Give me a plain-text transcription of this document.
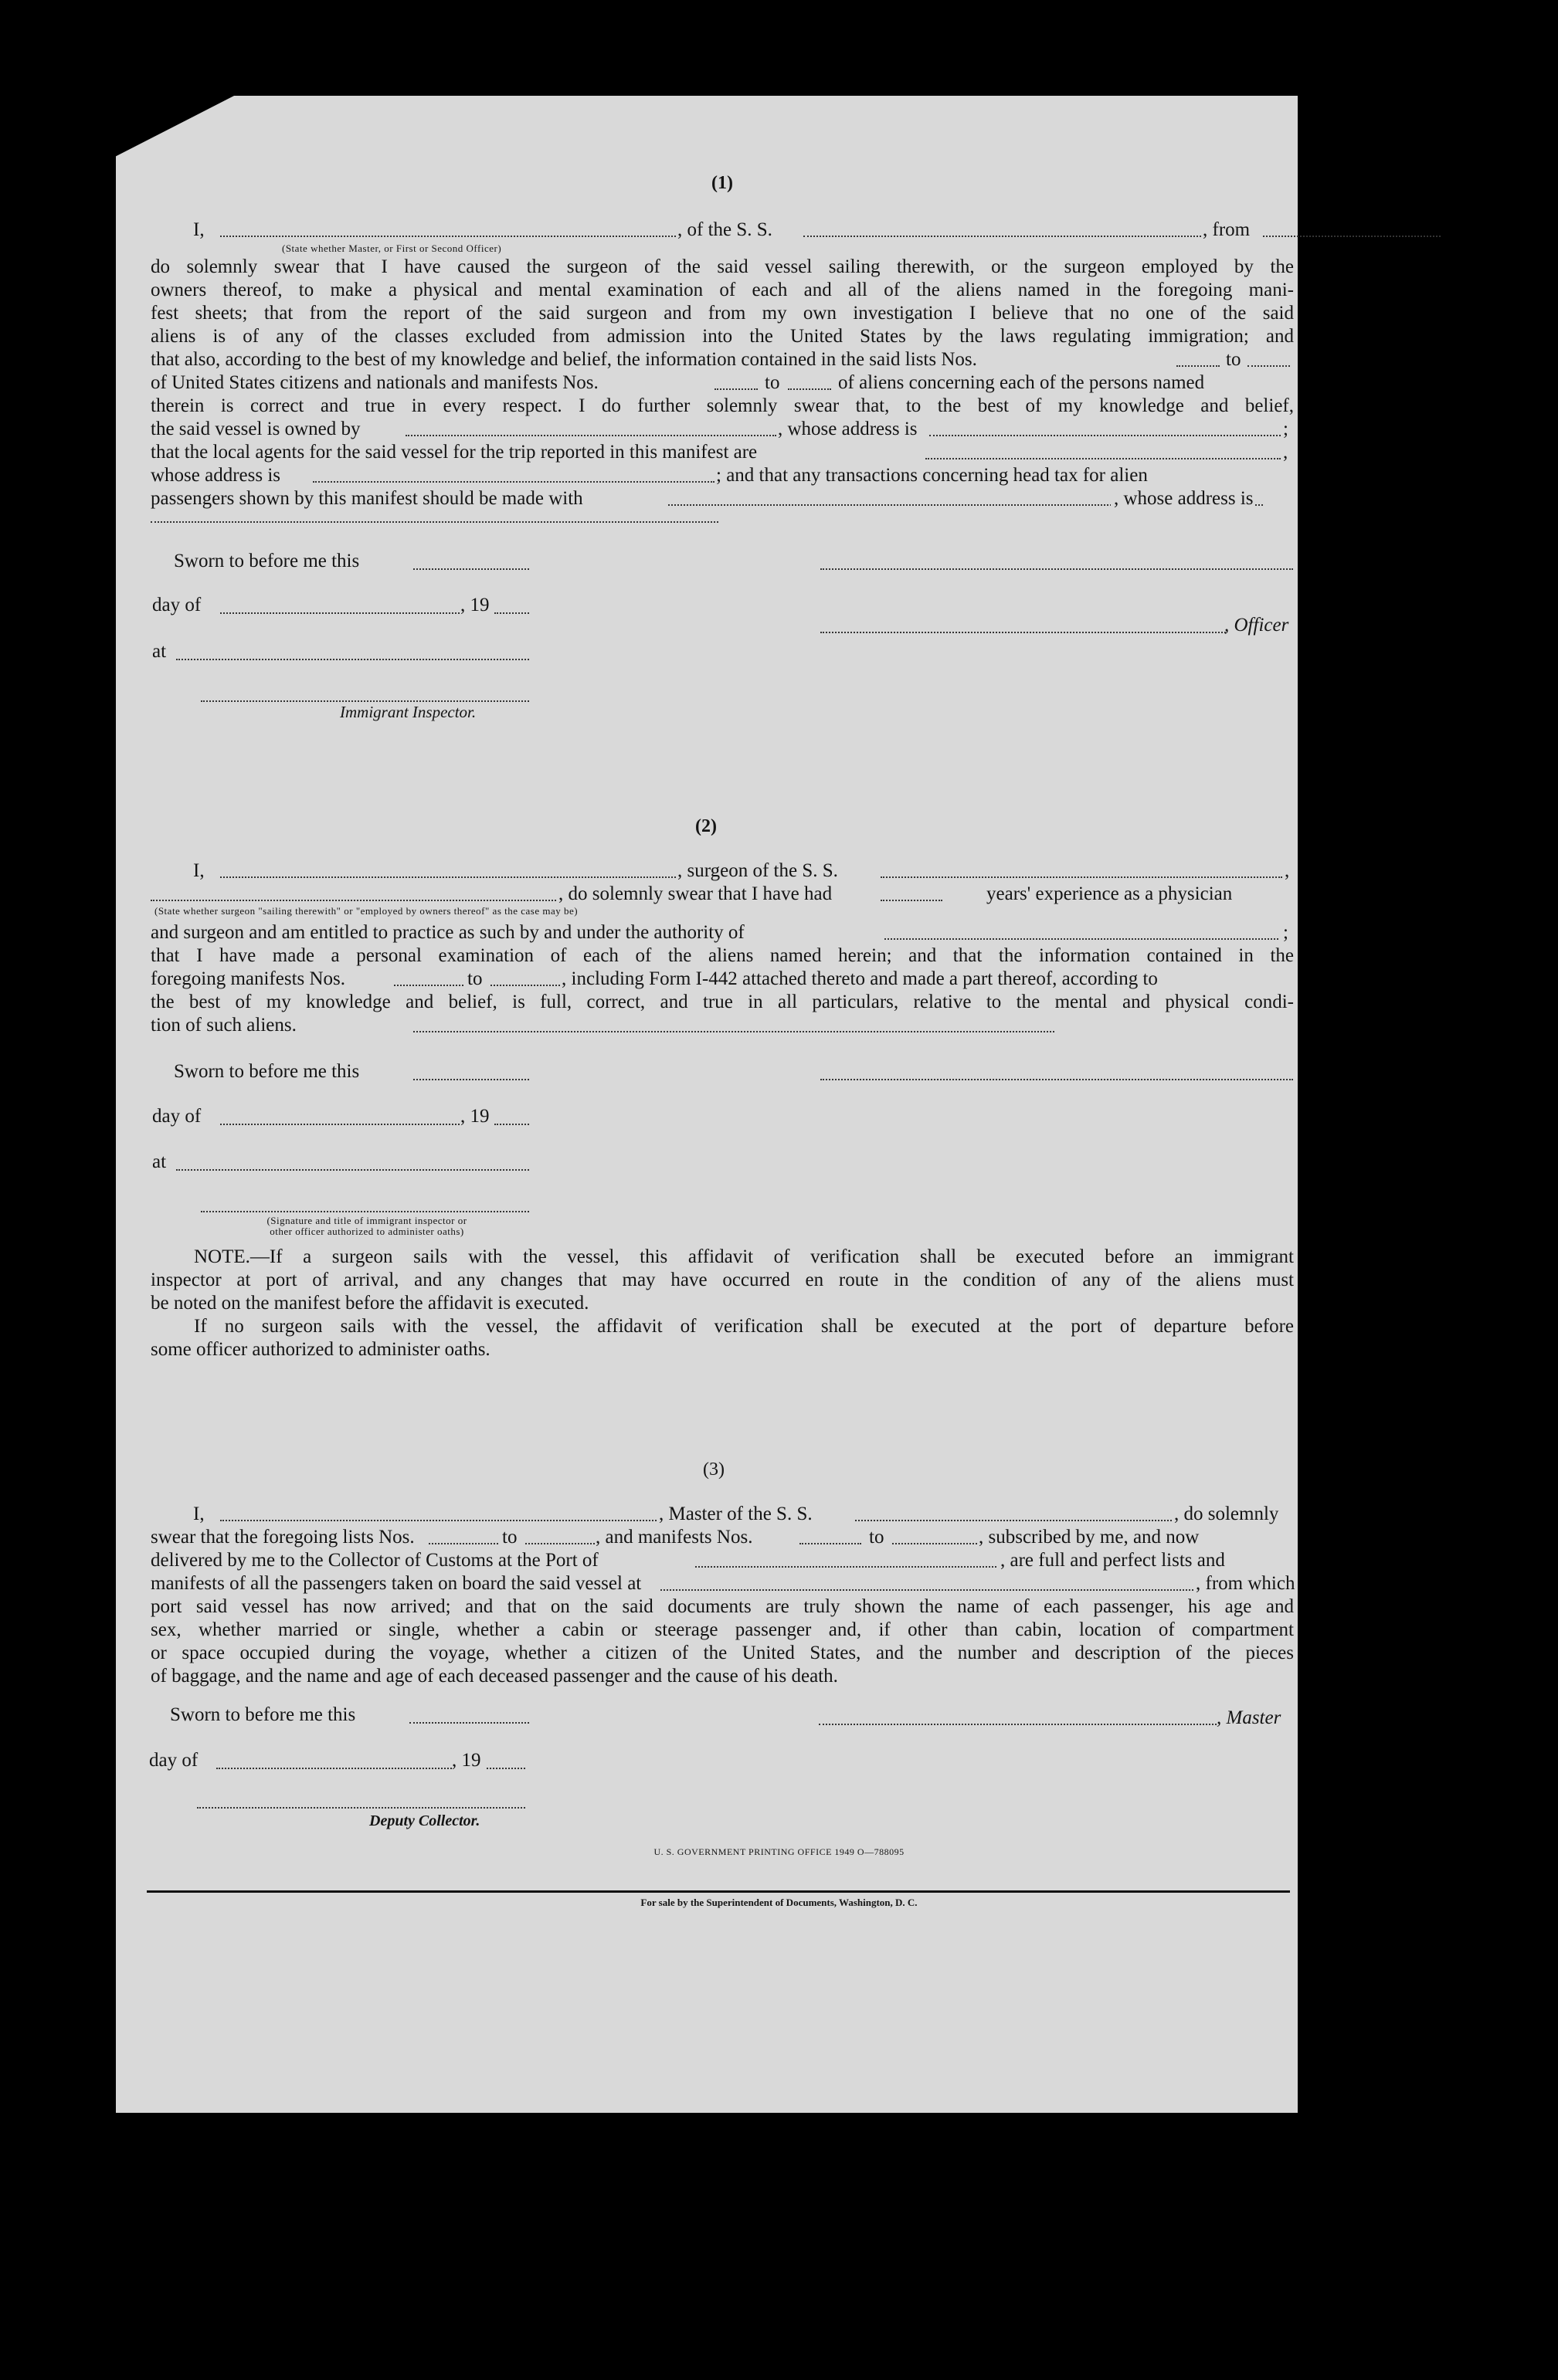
(1)
I,	, of the S. S.	, from
(State whether Master, or First or Second Officer)
do solemnly swear that I have caused the surgeon of the said vessel sailing therewith, or the surgeon employed by the
owners thereof, to make a physical and mental examination of each and all of the aliens named in the foregoing mani-
fest sheets; that from the report of the said surgeon and from my own investigation I believe that no one of the said
aliens is of any of the classes excluded from admission into the United States by the laws regulating immigration; and
that also, according to the best of my knowledge and belief, the information contained in the said lists Nos.	to
of United States citizens and nationals and manifests Nos.	to	of aliens concerning each of the persons named
therein is correct and true in every respect. I do further solemnly swear that, to the best of my knowledge and belief,
the said vessel is owned by	, whose address is	;
that the local agents for the said vessel for the trip reported in this manifest are	,
whose address is	; and that any transactions concerning head tax for alien
passengers shown by this manifest should be made with	, whose address is
Sworn to before me this
day of	, 19
, Officer
at
Immigrant Inspector.
(2)
I,	, surgeon of the S. S.	,
, do solemnly swear that I have had	years' experience as a physician
(State whether surgeon "sailing therewith" or "employed by owners thereof" as the case may be)
and surgeon and am entitled to practice as such by and under the authority of	;
that I have made a personal examination of each of the aliens named herein; and that the information contained in the
foregoing manifests Nos.	to	, including Form I-442 attached thereto and made a part thereof, according to
the best of my knowledge and belief, is full, correct, and true in all particulars, relative to the mental and physical condi-
tion of such aliens.
Sworn to before me this
day of	, 19
at
(Signature and title of immigrant inspector or
other officer authorized to administer oaths)
NOTE.—If a surgeon sails with the vessel, this affidavit of verification shall be executed before an immigrant
inspector at port of arrival, and any changes that may have occurred en route in the condition of any of the aliens must
be noted on the manifest before the affidavit is executed.
If no surgeon sails with the vessel, the affidavit of verification shall be executed at the port of departure before
some officer authorized to administer oaths.
(3)
I,	, Master of the S. S.	, do solemnly
swear that the foregoing lists Nos.	to	, and manifests Nos.	to	, subscribed by me, and now
delivered by me to the Collector of Customs at the Port of	, are full and perfect lists and
manifests of all the passengers taken on board the said vessel at	, from which
port said vessel has now arrived; and that on the said documents are truly shown the name of each passenger, his age and
sex, whether married or single, whether a cabin or steerage passenger and, if other than cabin, location of compartment
or space occupied during the voyage, whether a citizen of the United States, and the number and description of the pieces
of baggage, and the name and age of each deceased passenger and the cause of his death.
Sworn to before me this	, Master
day of	, 19
Deputy Collector.
U. S. GOVERNMENT PRINTING OFFICE 1949 O—788095
For sale by the Superintendent of Documents, Washington, D. C.
